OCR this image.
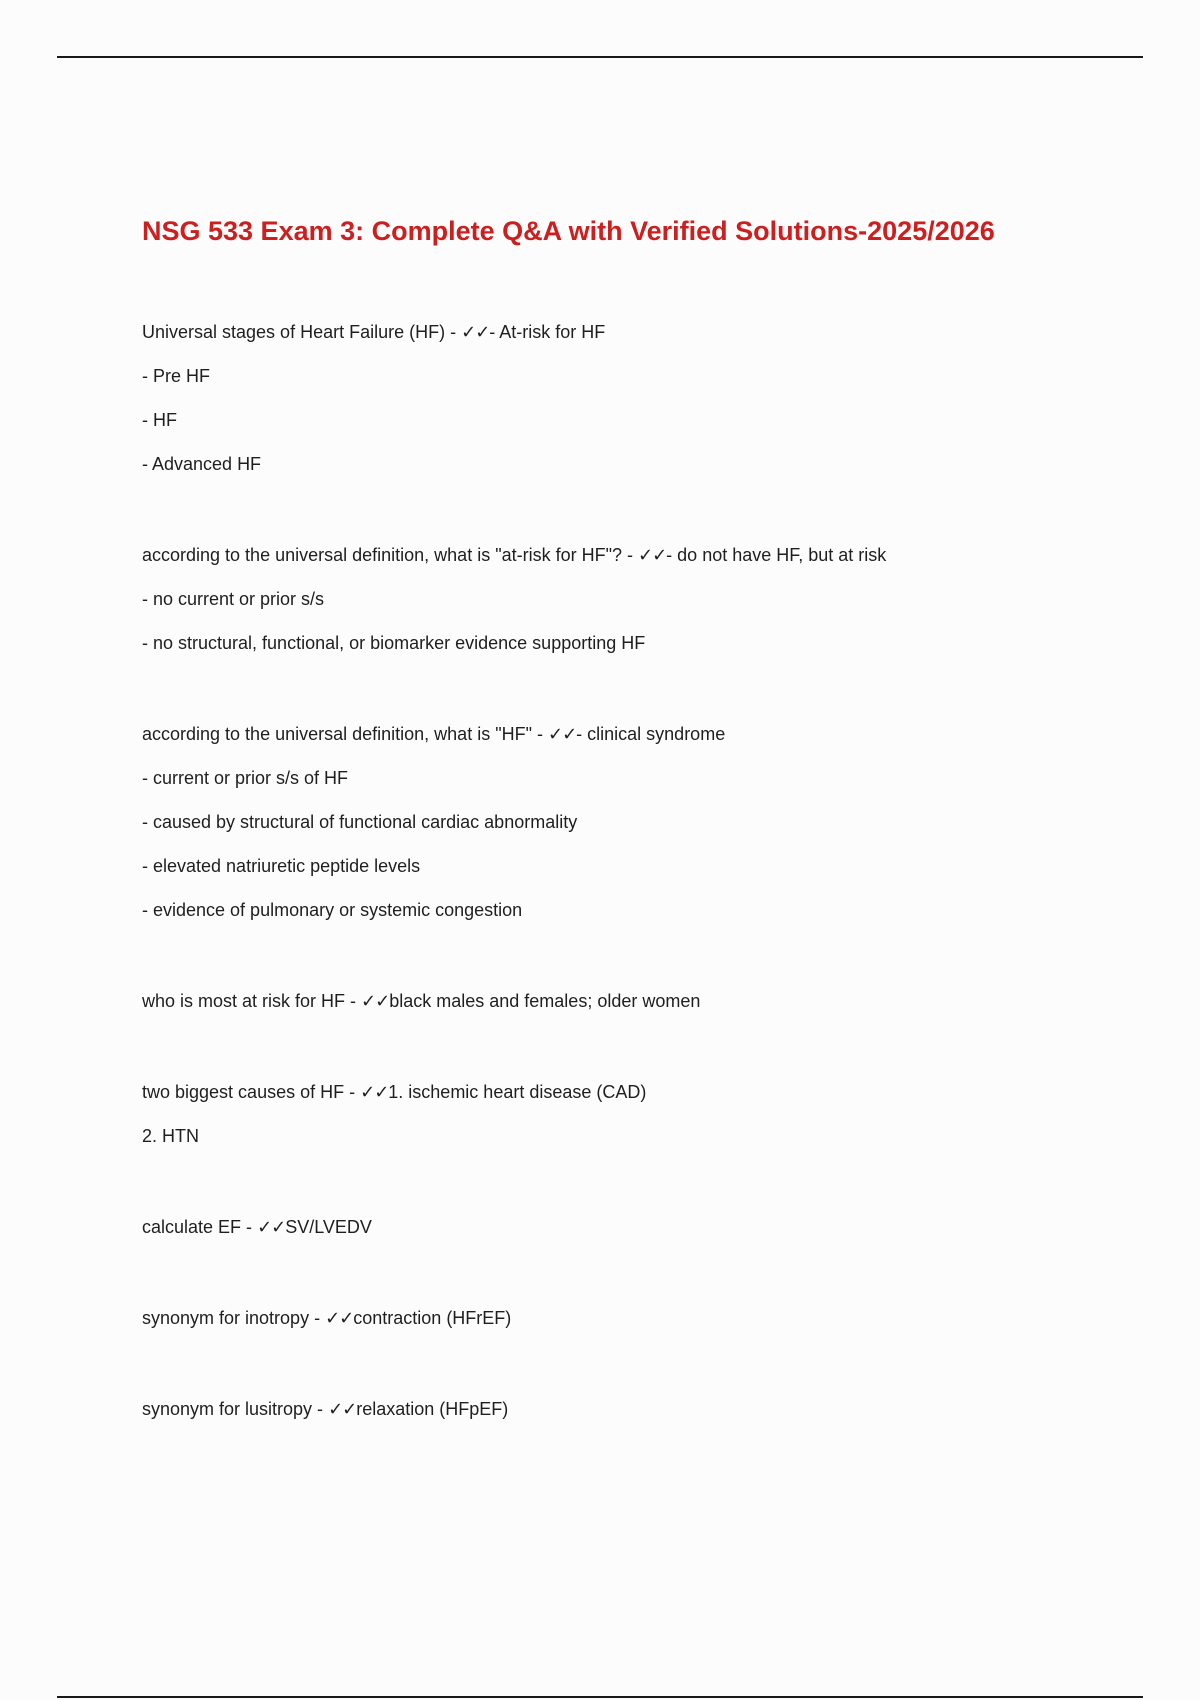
NSG 533 Exam 3: Complete Q&A with Verified Solutions-2025/2026
Universal stages of Heart Failure (HF) - ✓✓- At-risk for HF
- Pre HF
- HF
- Advanced HF
according to the universal definition, what is "at-risk for HF"? - ✓✓- do not have HF, but at risk
- no current or prior s/s
- no structural, functional, or biomarker evidence supporting HF
according to the universal definition, what is "HF" - ✓✓- clinical syndrome
- current or prior s/s of HF
- caused by structural of functional cardiac abnormality
- elevated natriuretic peptide levels
- evidence of pulmonary or systemic congestion
who is most at risk for HF - ✓✓black males and females; older women
two biggest causes of HF - ✓✓1. ischemic heart disease (CAD)
2. HTN
calculate EF - ✓✓SV/LVEDV
synonym for inotropy - ✓✓contraction (HFrEF)
synonym for lusitropy - ✓✓relaxation (HFpEF)
